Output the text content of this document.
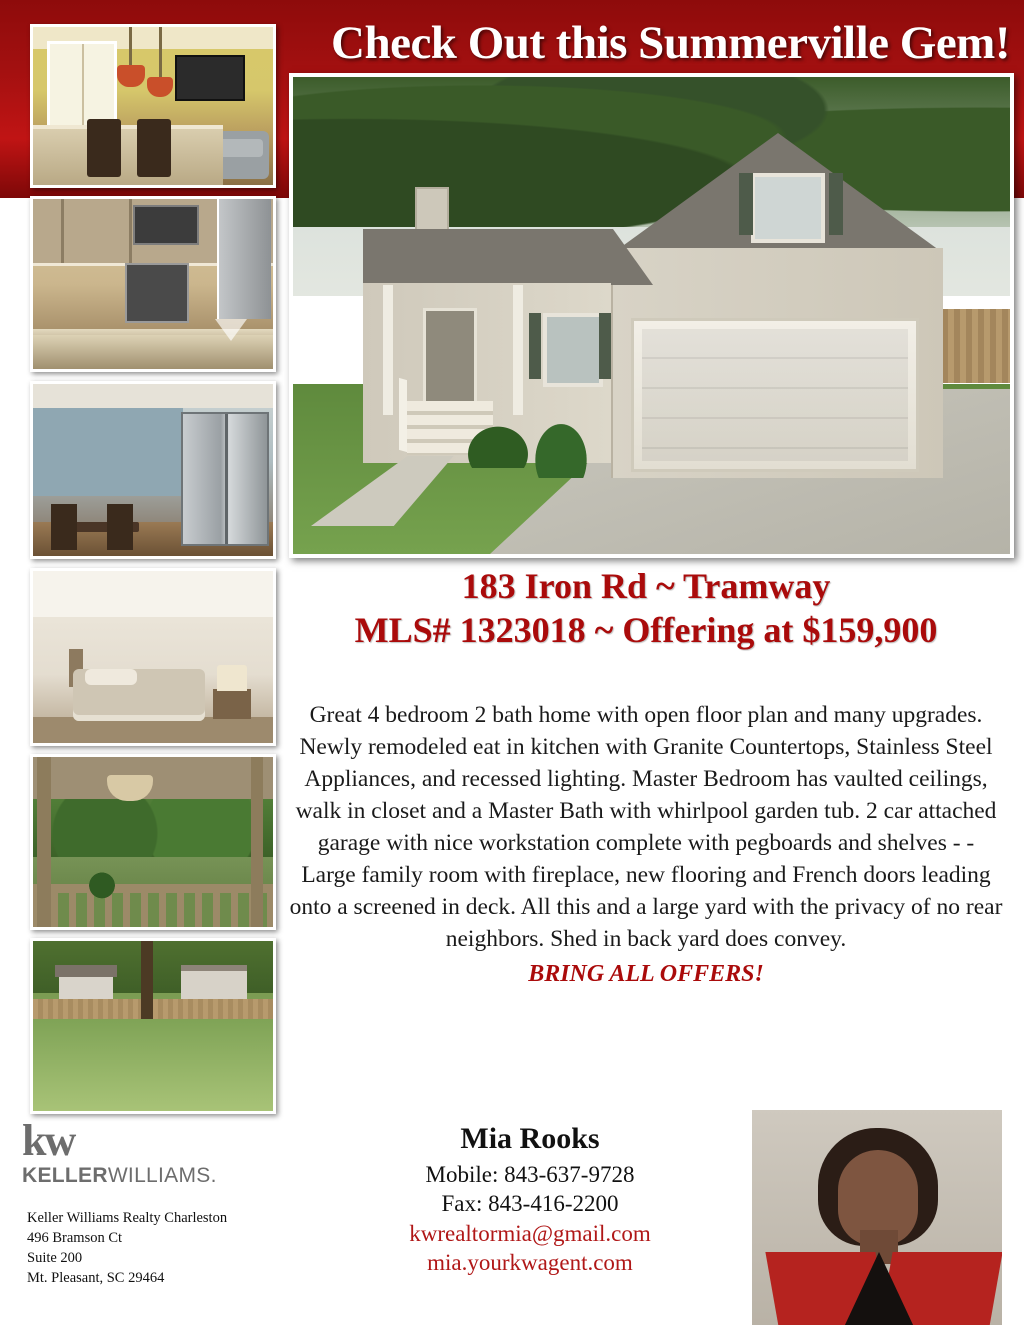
Check Out this Summerville Gem!
183 Iron Rd ~ Tramway
MLS# 1323018 ~ Offering at $159,900
Great 4 bedroom 2 bath home with open floor plan and many upgrades. Newly remodeled eat in kitchen with Granite Countertops, Stainless Steel Appliances, and recessed lighting. Master Bedroom has vaulted ceilings, walk in closet and a Master Bath with whirlpool garden tub. 2 car attached garage with nice workstation complete with pegboards and shelves - - Large family room with fireplace, new flooring and French doors leading onto a screened in deck. All this and a large yard with the privacy of no rear neighbors. Shed in back yard does convey.
BRING ALL OFFERS!
kw
KELLERWILLIAMS.
Keller Williams Realty Charleston
496 Bramson Ct
Suite 200
Mt. Pleasant, SC 29464
Mia Rooks
Mobile: 843-637-9728
Fax: 843-416-2200
kwrealtormia@gmail.com
mia.yourkwagent.com
